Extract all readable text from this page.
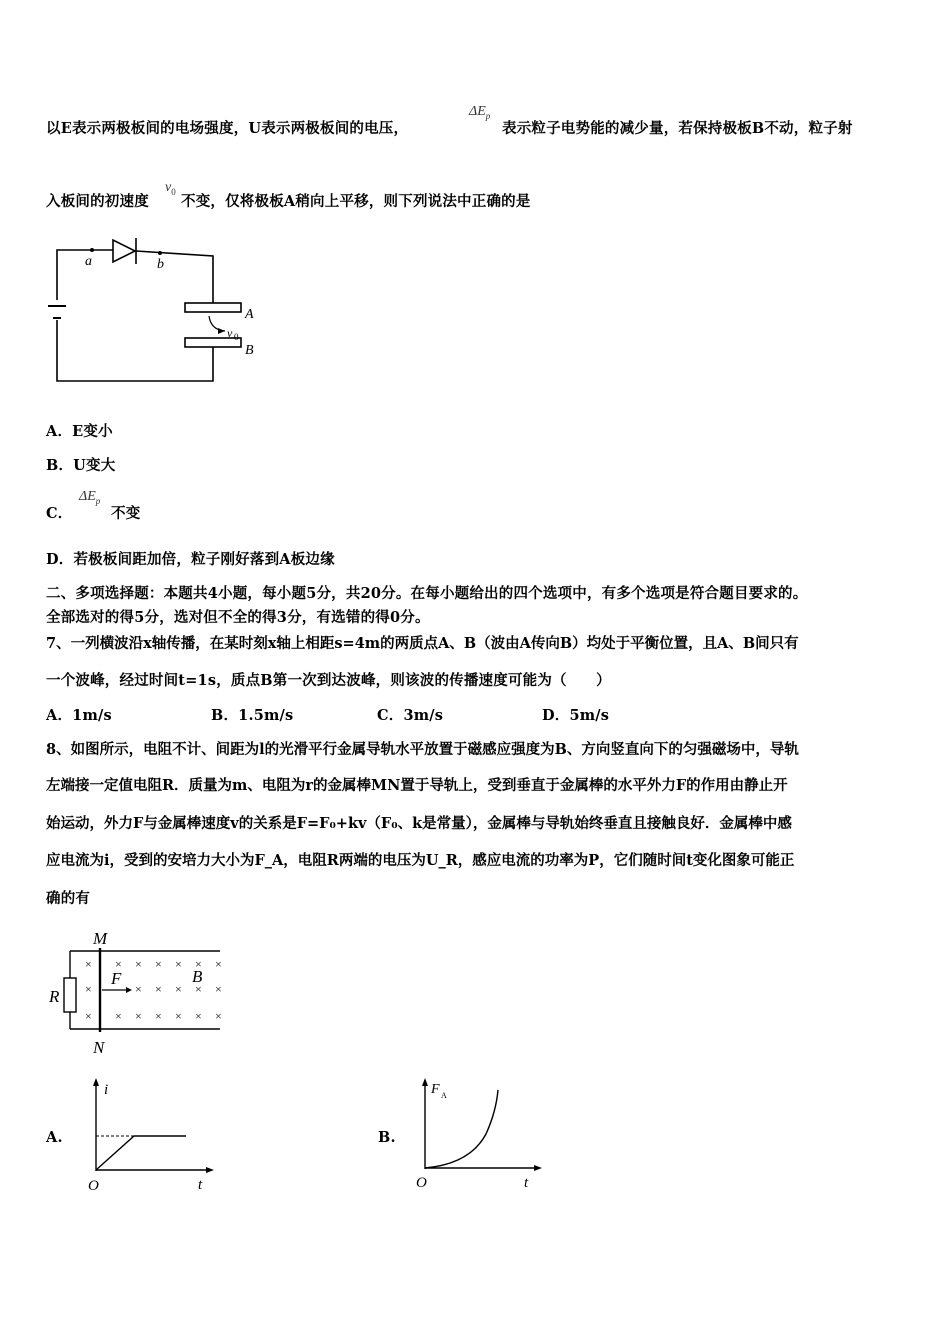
以E表示两极板间的电场强度，U表示两极板间的电压，
$\Delta E_p$
表示粒子电势能的减少量，若保持极板B不动，粒子射
入板间的初速度
$v_0$
不变，仅将极板A稍向上平移，则下列说法中正确的是
a	b
A
B
v 0
A．E变小
B．U变大
C．
$\Delta E_p$
不变
D．若极板间距加倍，粒子刚好落到A板边缘
二、多项选择题：本题共4小题，每小题5分，共20分。在每小题给出的四个选项中，有多个选项是符合题目要求的。
全部选对的得5分，选对但不全的得3分，有选错的得0分。
7、一列横波沿x轴传播，在某时刻x轴上相距s=4m的两质点A、B（波由A传向B）均处于平衡位置，且A、B间只有
一个波峰，经过时间t=1s，质点B第一次到达波峰，则该波的传播速度可能为（　　）
A．1m/s	B．1.5m/s	C．3m/s	D．5m/s
8、如图所示，电阻不计、间距为l的光滑平行金属导轨水平放置于磁感应强度为B、方向竖直向下的匀强磁场中，导轨
左端接一定值电阻R．质量为m、电阻为r的金属棒MN置于导轨上，受到垂直于金属棒的水平外力F的作用由静止开
始运动，外力F与金属棒速度v的关系是F=F₀+kv（F₀、k是常量），金属棒与导轨始终垂直且接触良好．金属棒中感
应电流为i，受到的安培力大小为F_A，电阻R两端的电压为U_R，感应电流的功率为P，它们随时间t变化图象可能正
确的有
× × × × × × ×
×	× × × × ×
× × × × × × ×
M
N
R
F	B
A.
i
t
O
B.
F A
t
O
